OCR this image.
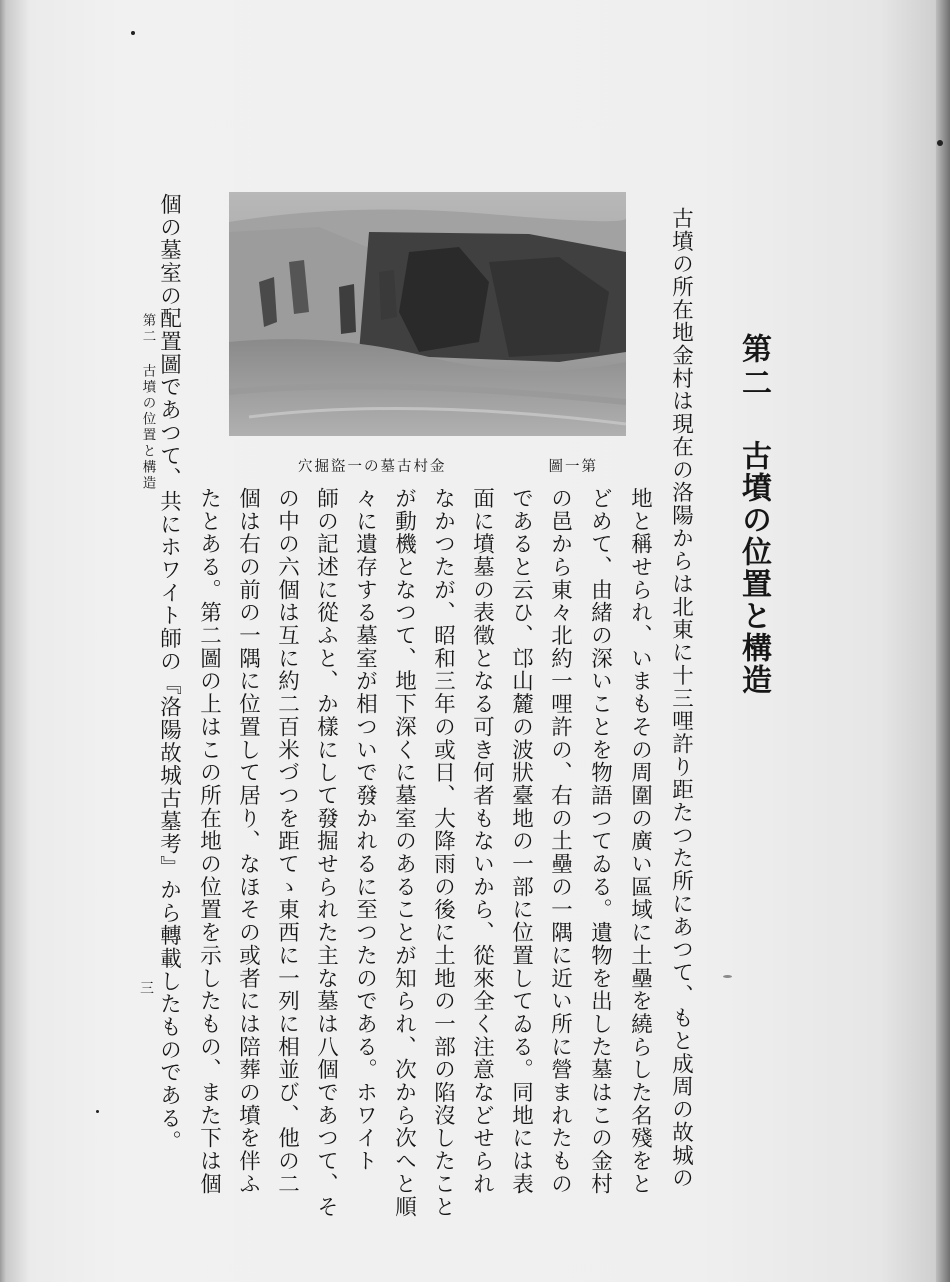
第二
古墳の位置と構造
古墳の所在地金村は現在の洛陽からは北東に十三哩許り距たつた所にあつて、もと成周の故城の
地と稱せられ、いまもその周圍の廣い區域に土壘を繞らした名殘をと
どめて、由緒の深いことを物語つてゐる。遺物を出した墓はこの金村
の邑から東々北約一哩許の、右の土壘の一隅に近い所に營まれたもの
であると云ひ、邙山麓の波狀臺地の一部に位置してゐる。同地には表
面に墳墓の表徵となる可き何者もないから、從來全く注意などせられ
なかつたが、昭和三年の或日、大降雨の後に土地の一部の陷沒したこと
が動機となつて、地下深くに墓室のあることが知られ、次から次へと順
々に遺存する墓室が相ついで發かれるに至つたのである。ホワイト
師の記述に從ふと、か樣にして發掘せられた主な墓は八個であつて、そ
の中の六個は互に約二百米づつを距てゝ東西に一列に相並び、他の二
個は右の前の一隅に位置して居り、なほその或者には陪葬の墳を伴ふ
たとある。第二圖の上はこの所在地の位置を示したもの、また下は個
個の墓室の配置圖であつて、共にホワイト師の『洛陽故城古墓考』から轉載したものである。	穴掘盜一の墓古村金	圖一第
第二 古墳の位置と構造
三
